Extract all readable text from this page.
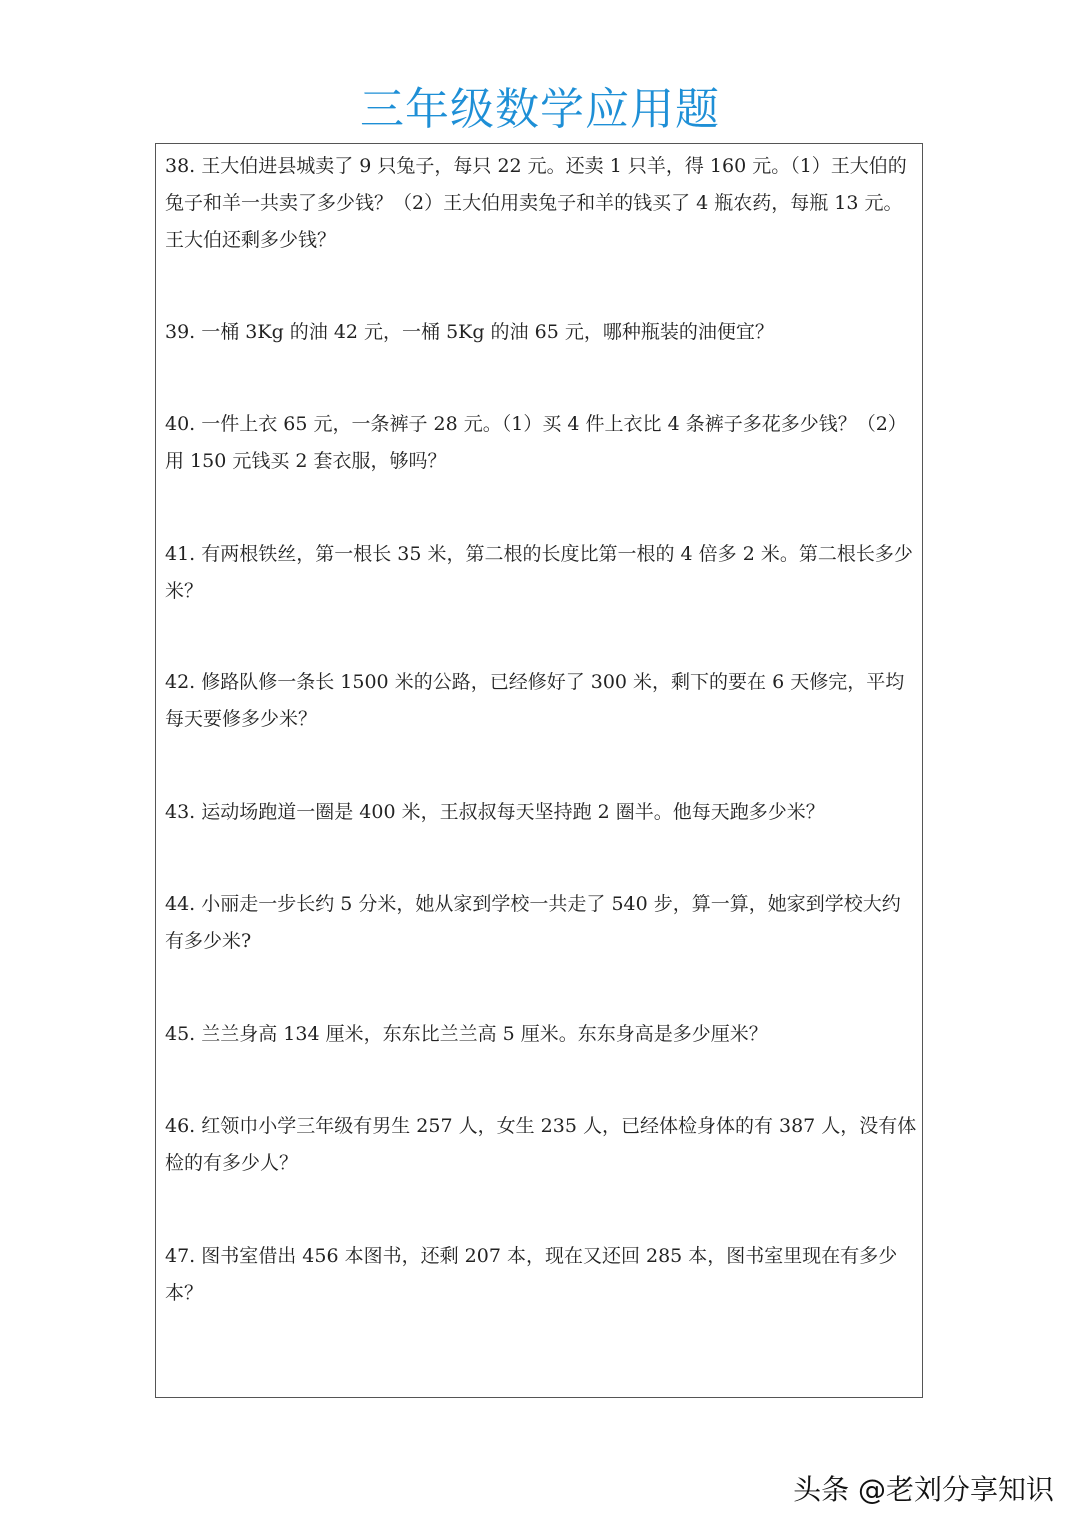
三年级数学应用题

38. 王大伯进县城卖了 9 只兔子，每只 22 元。还卖 1 只羊，得 160 元。（1）王大伯的兔子和羊一共卖了多少钱？（2）王大伯用卖兔子和羊的钱买了 4 瓶农药，每瓶 13 元。王大伯还剩多少钱？

39. 一桶 3Kg 的油 42 元，一桶 5Kg 的油 65 元，哪种瓶装的油便宜？

40. 一件上衣 65 元，一条裤子 28 元。（1）买 4 件上衣比 4 条裤子多花多少钱？（2）用 150 元钱买 2 套衣服，够吗？

41. 有两根铁丝，第一根长 35 米，第二根的长度比第一根的 4 倍多 2 米。第二根长多少米？

42. 修路队修一条长 1500 米的公路，已经修好了 300 米，剩下的要在 6 天修完，平均每天要修多少米？

43. 运动场跑道一圈是 400 米，王叔叔每天坚持跑 2 圈半。他每天跑多少米？

44. 小丽走一步长约 5 分米，她从家到学校一共走了 540 步，算一算，她家到学校大约有多少米?

45. 兰兰身高 134 厘米，东东比兰兰高 5 厘米。东东身高是多少厘米？

46. 红领巾小学三年级有男生 257 人，女生 235 人，已经体检身体的有 387 人，没有体检的有多少人？

47. 图书室借出 456 本图书，还剩 207 本，现在又还回 285 本，图书室里现在有多少本？

头条 @老刘分享知识
